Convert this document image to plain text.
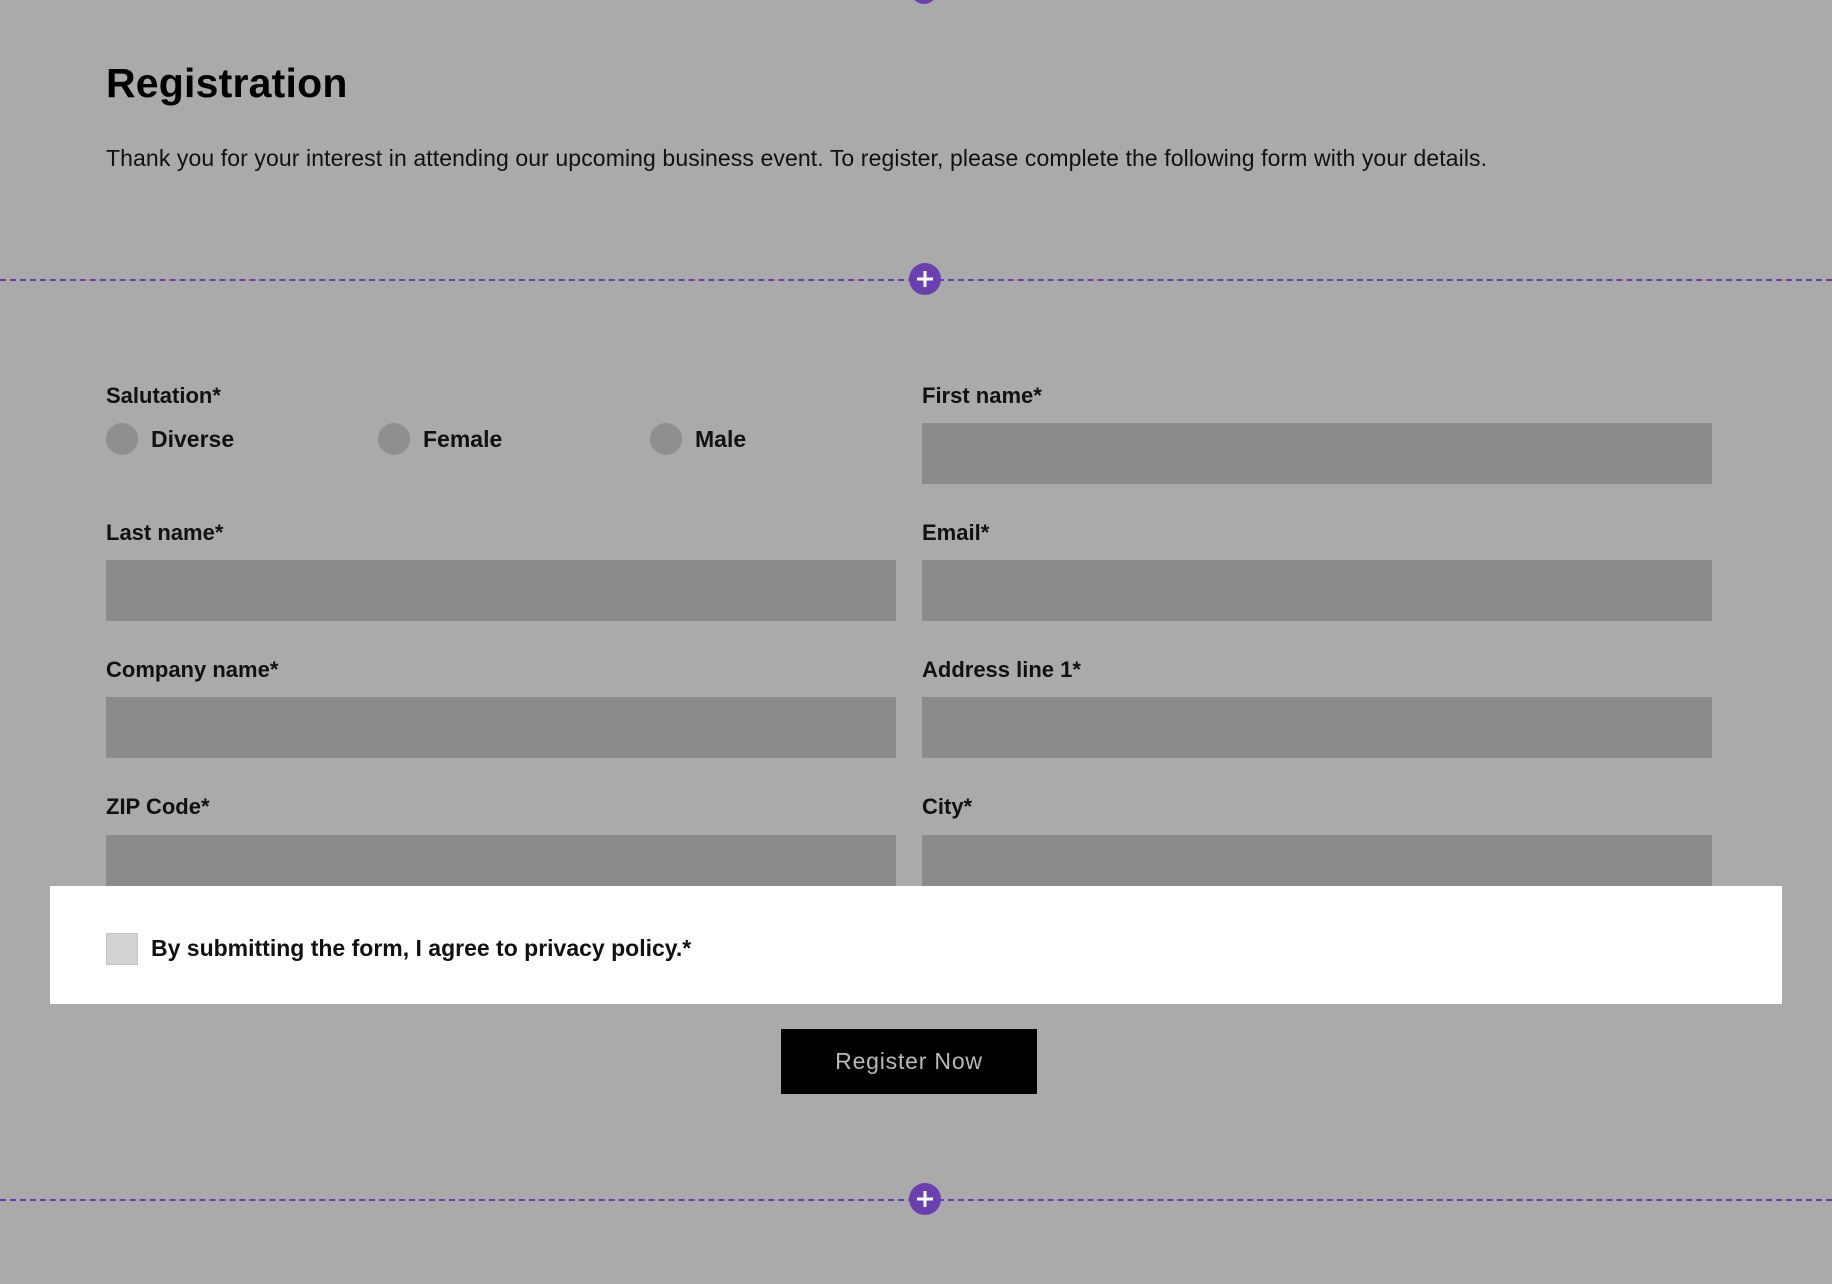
Registration

Thank you for your interest in attending our upcoming business event. To register, please complete the following form with your details.

Salutation*
Diverse	Female	Male
First name*
Last name*	Email*
Company name*	Address line 1*
ZIP Code*	City*
By submitting the form, I agree to privacy policy.*
Register Now
